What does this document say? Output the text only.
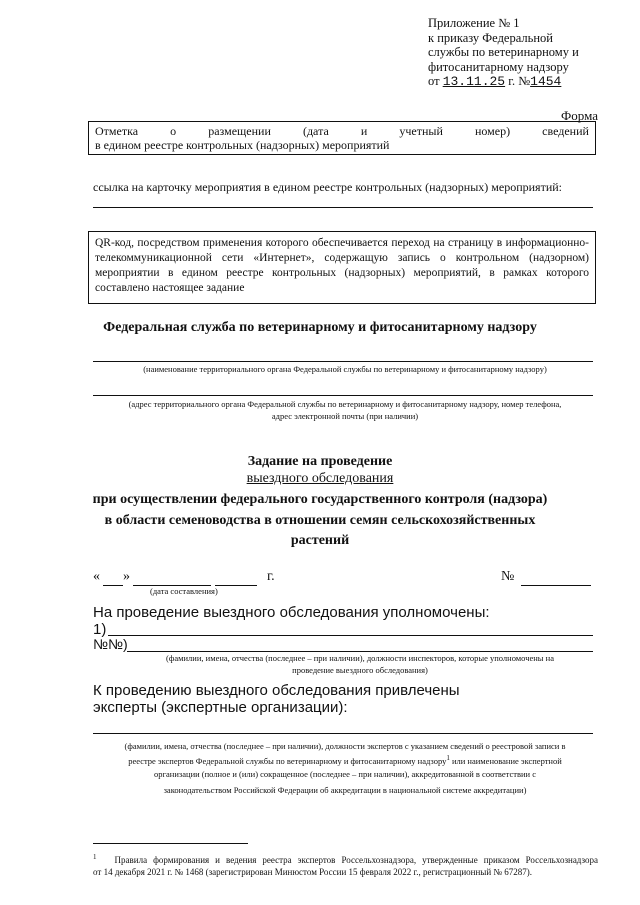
Приложение № 1
к приказу Федеральной
службы по ветеринарному и
фитосанитарному надзору
от 13.11.25 г. №1454
Форма
Отметка	о	размещении	(дата	и	учетный	номер)	сведений
в едином реестре контрольных (надзорных) мероприятий
ссылка на карточку мероприятия в едином реестре контрольных (надзорных) мероприятий:
QR-код, посредством применения которого обеспечивается переход на страницу в информационно-телекоммуникационной сети «Интернет», содержащую запись о контрольном (надзорном) мероприятии в едином реестре контрольных (надзорных) мероприятий, в рамках которого составлено настоящее задание
Федеральная служба по ветеринарному и фитосанитарному надзору
(наименование территориального органа Федеральной службы по ветеринарному и фитосанитарному надзору)
(адрес территориального органа Федеральной службы по ветеринарному и фитосанитарному надзору, номер телефона,
адрес электронной почты (при наличии)
Задание на проведение
выездного обследования
при осуществлении федерального государственного контроля (надзора)
в области семеноводства в отношении семян сельскохозяйственных
растений
« »	г.	№
(дата составления)
На проведение выездного обследования уполномочены:
1)
№№)
(фамилии, имена, отчества (последнее – при наличии), должности инспекторов, которые уполномочены на
проведение выездного обследования)
К проведению выездного обследования привлечены
эксперты (экспертные организации):
(фамилии, имена, отчества (последнее – при наличии), должности экспертов с указанием сведений о реестровой записи в
реестре экспертов Федеральной службы по ветеринарному и фитосанитарному надзору$^1$ или наименование экспертной
организации (полное и (или) сокращенное (последнее – при наличии), аккредитованной в соответствии с
законодательством Российской Федерации об аккредитации в национальной системе аккредитации)
$^1$ Правила формирования и ведения реестра экспертов Россельхознадзора, утвержденные приказом Россельхознадзора
от 14 декабря 2021 г. № 1468 (зарегистрирован Минюстом России 15 февраля 2022 г., регистрационный № 67287).
